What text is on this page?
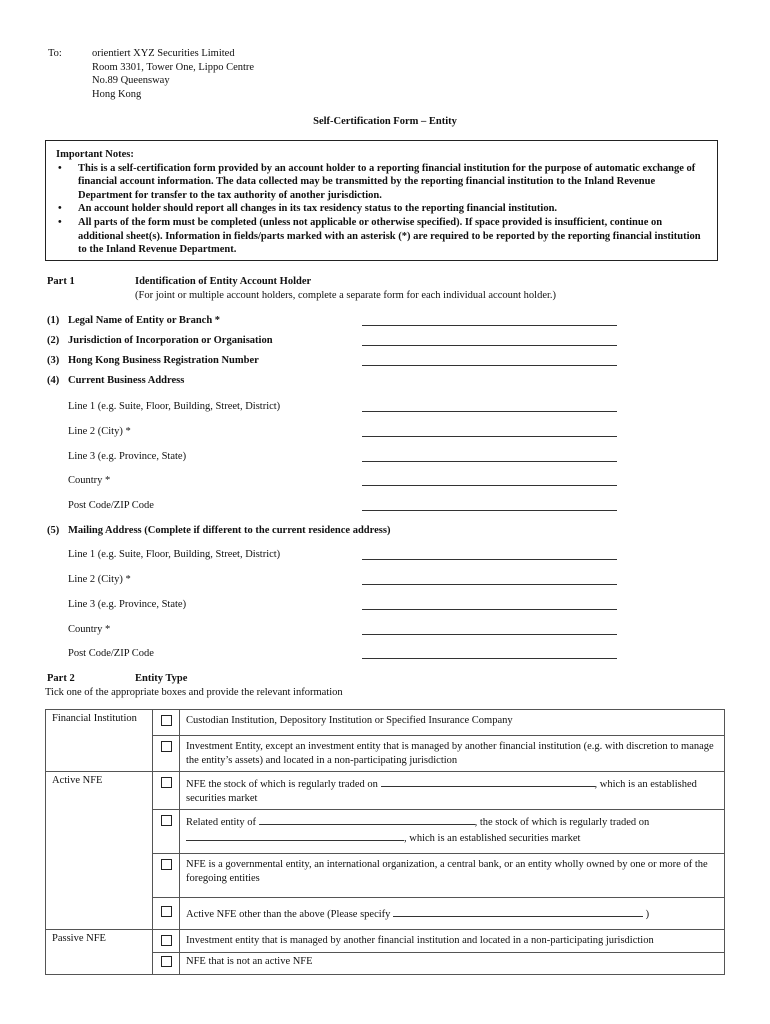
To:	orientiert XYZ Securities Limited
Room 3301, Tower One, Lippo Centre
No.89 Queensway
Hong Kong
Self-Certification Form – Entity
Important Notes:
• This is a self-certification form provided by an account holder to a reporting financial institution for the purpose of automatic exchange of financial account information. The data collected may be transmitted by the reporting financial institution to the Inland Revenue Department for transfer to the tax authority of another jurisdiction.
• An account holder should report all changes in its tax residency status to the reporting financial institution.
• All parts of the form must be completed (unless not applicable or otherwise specified). If space provided is insufficient, continue on additional sheet(s). Information in fields/parts marked with an asterisk (*) are required to be reported by the reporting financial institution to the Inland Revenue Department.
Part 1	Identification of Entity Account Holder
(For joint or multiple account holders, complete a separate form for each individual account holder.)
(1) Legal Name of Entity or Branch *
(2) Jurisdiction of Incorporation or Organisation
(3) Hong Kong Business Registration Number
(4) Current Business Address
Line 1 (e.g. Suite, Floor, Building, Street, District)
Line 2 (City) *
Line 3 (e.g. Province, State)
Country *
Post Code/ZIP Code
(5) Mailing Address (Complete if different to the current residence address)
Line 1 (e.g. Suite, Floor, Building, Street, District)
Line 2 (City) *
Line 3 (e.g. Province, State)
Country *
Post Code/ZIP Code
Part 2	Entity Type
Tick one of the appropriate boxes and provide the relevant information
Financial Institution		Custodian Institution, Depository Institution or Specified Insurance Company
		Investment Entity, except an investment entity that is managed by another financial institution (e.g. with discretion to manage the entity’s assets) and located in a non-participating jurisdiction
Active NFE		NFE the stock of which is regularly traded on , which is an established securities market
		Related entity of , the stock of which is regularly traded on
, which is an established securities market
		NFE is a governmental entity, an international organization, a central bank, or an entity wholly owned by one or more of the foregoing entities
		Active NFE other than the above (Please specify )
Passive NFE		Investment entity that is managed by another financial institution and located in a non-participating jurisdiction
		NFE that is not an active NFE
